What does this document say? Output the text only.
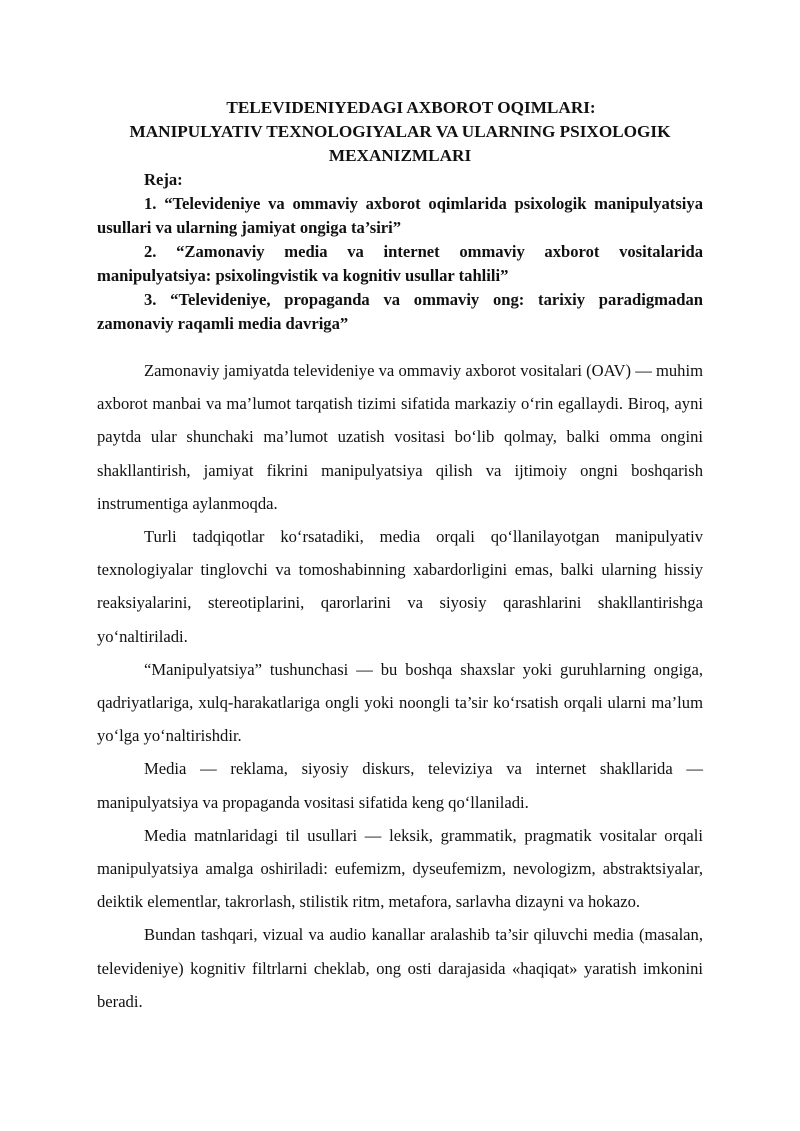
TELEVIDENIYEDAGI AXBOROT OQIMLARI:
MANIPULYATIV TEXNOLOGIYALAR VA ULARNING PSIXOLOGIK
MEXANIZMLARI
Reja:

1. “Televideniye va ommaviy axborot oqimlarida psixologik manipulyatsiya usullari va ularning jamiyat ongiga ta’siri”

2. “Zamonaviy media va internet ommaviy axborot vositalarida manipulyatsiya: psixolingvistik va kognitiv usullar tahlili”

3. “Televideniye, propaganda va ommaviy ong: tarixiy paradigmadan zamonaviy raqamli media davriga”

Zamonaviy jamiyatda televideniye va ommaviy axborot vositalari (OAV) — muhim axborot manbai va ma’lumot tarqatish tizimi sifatida markaziy o‘rin egallaydi. Biroq, ayni paytda ular shunchaki ma’lumot uzatish vositasi bo‘lib qolmay, balki omma ongini shakllantirish, jamiyat fikrini manipulyatsiya qilish va ijtimoiy ongni boshqarish instrumentiga aylanmoqda.

Turli tadqiqotlar ko‘rsatadiki, media orqali qo‘llanilayotgan manipulyativ texnologiyalar tinglovchi va tomoshabinning xabardorligini emas, balki ularning hissiy reaksiyalarini, stereotiplarini, qarorlarini va siyosiy qarashlarini shakllantirishga yo‘naltiriladi.

“Manipulyatsiya” tushunchasi — bu boshqa shaxslar yoki guruhlarning ongiga, qadriyatlariga, xulq-harakatlariga ongli yoki noongli ta’sir ko‘rsatish orqali ularni ma’lum yo‘lga yo‘naltirishdir.

Media — reklama, siyosiy diskurs, televiziya va internet shakllarida — manipulyatsiya va propaganda vositasi sifatida keng qo‘llaniladi.

Media matnlaridagi til usullari — leksik, grammatik, pragmatik vositalar orqali manipulyatsiya amalga oshiriladi: eufemizm, dyseufemizm, nevologizm, abstraktsiyalar, deiktik elementlar, takrorlash, stilistik ritm, metafora, sarlavha dizayni va hokazo.

Bundan tashqari, vizual va audio kanallar aralashib ta’sir qiluvchi media (masalan, televideniye) kognitiv filtrlarni cheklab, ong osti darajasida «haqiqat» yaratish imkonini beradi.
